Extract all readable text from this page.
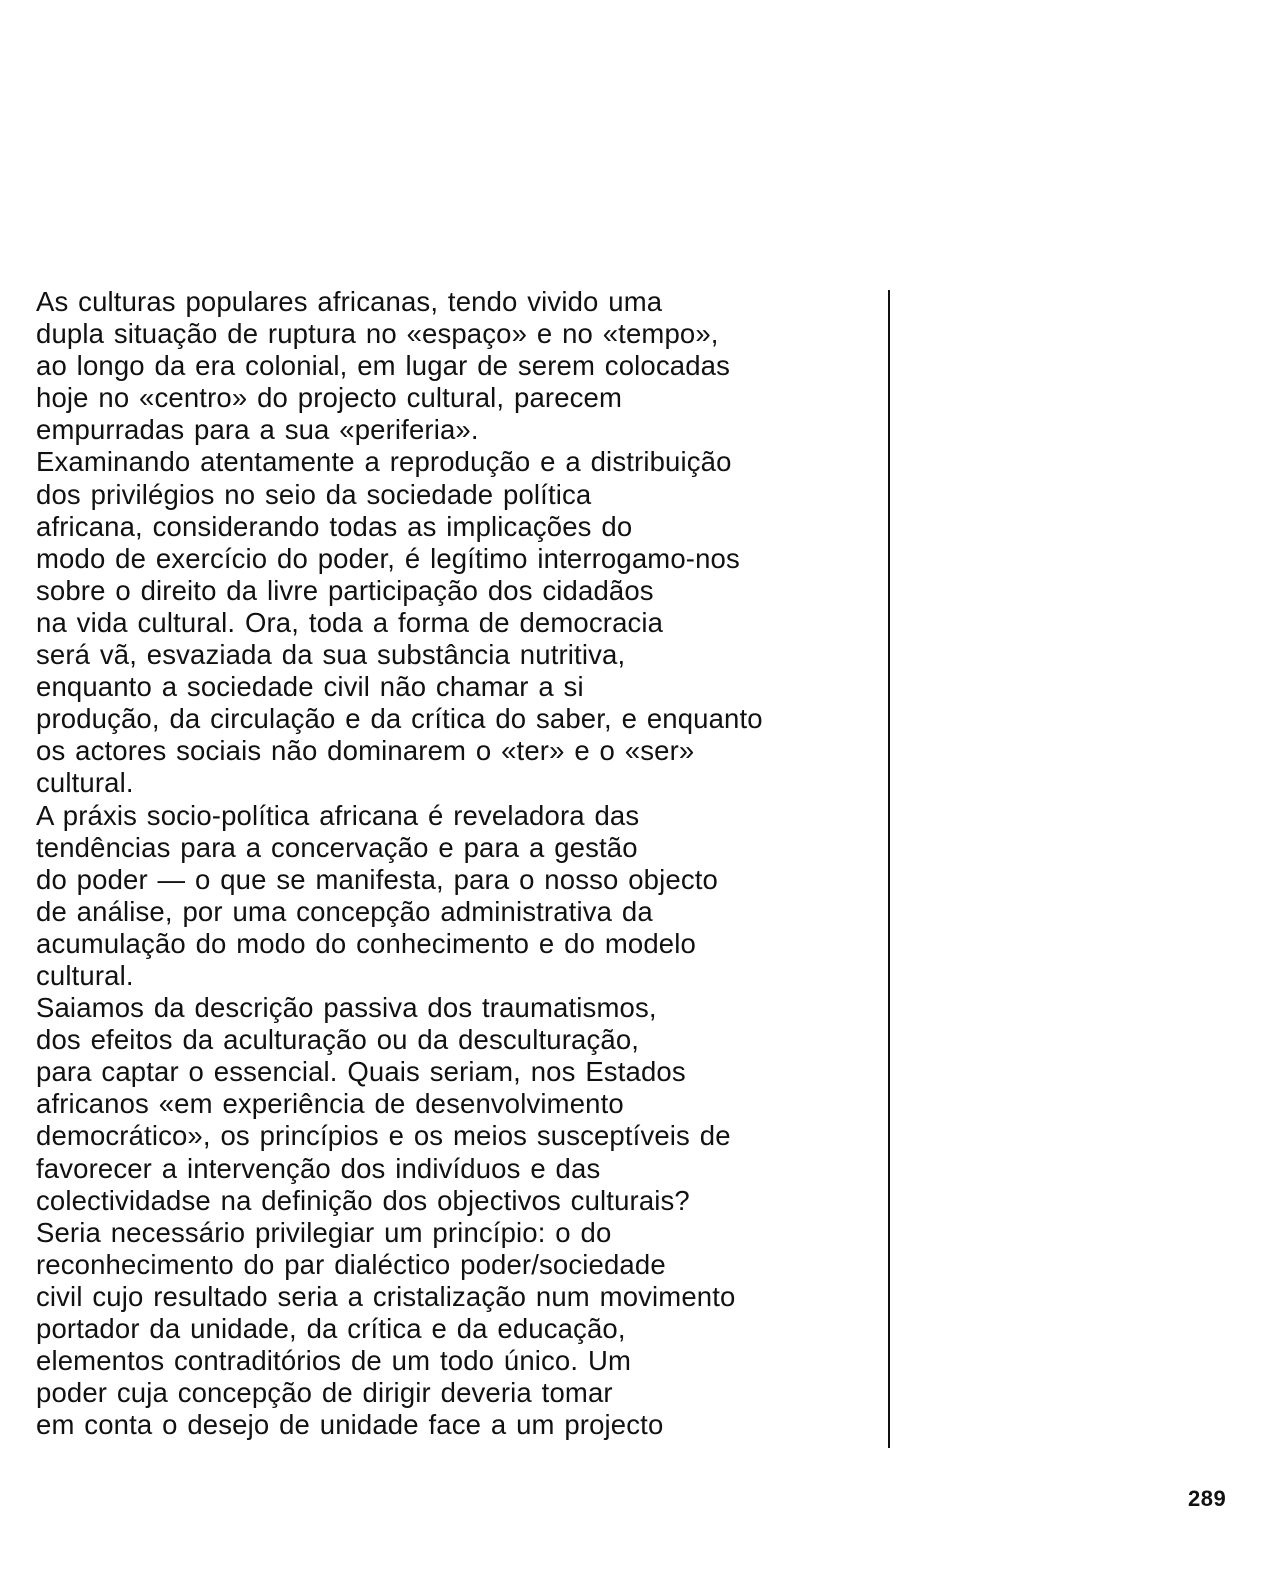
As culturas populares africanas, tendo vivido uma
dupla situação de ruptura no «espaço» e no «tempo»,
ao longo da era colonial, em lugar de serem colocadas
hoje no «centro» do projecto cultural, parecem
empurradas para a sua «periferia».
Examinando atentamente a reprodução e a distribuição
dos privilégios no seio da sociedade política
africana, considerando todas as implicações do
modo de exercício do poder, é legítimo interrogamo-nos
sobre o direito da livre participação dos cidadãos
na vida cultural. Ora, toda a forma de democracia
será vã, esvaziada da sua substância nutritiva,
enquanto a sociedade civil não chamar a si
produção, da circulação e da crítica do saber, e enquanto
os actores sociais não dominarem o «ter» e o «ser»
cultural.
A práxis socio-política africana é reveladora das
tendências para a concervação e para a gestão
do poder — o que se manifesta, para o nosso objecto
de análise, por uma concepção administrativa da
acumulação do modo do conhecimento e do modelo
cultural.
Saiamos da descrição passiva dos traumatismos,
dos efeitos da aculturação ou da desculturação,
para captar o essencial. Quais seriam, nos Estados
africanos «em experiência de desenvolvimento
democrático», os princípios e os meios susceptíveis de
favorecer a intervenção dos indivíduos e das
colectividadse na definição dos objectivos culturais?
Seria necessário privilegiar um princípio: o do
reconhecimento do par dialéctico poder/sociedade
civil cujo resultado seria a cristalização num movimento
portador da unidade, da crítica e da educação,
elementos contraditórios de um todo único. Um
poder cuja concepção de dirigir deveria tomar
em conta o desejo de unidade face a um projecto
289
